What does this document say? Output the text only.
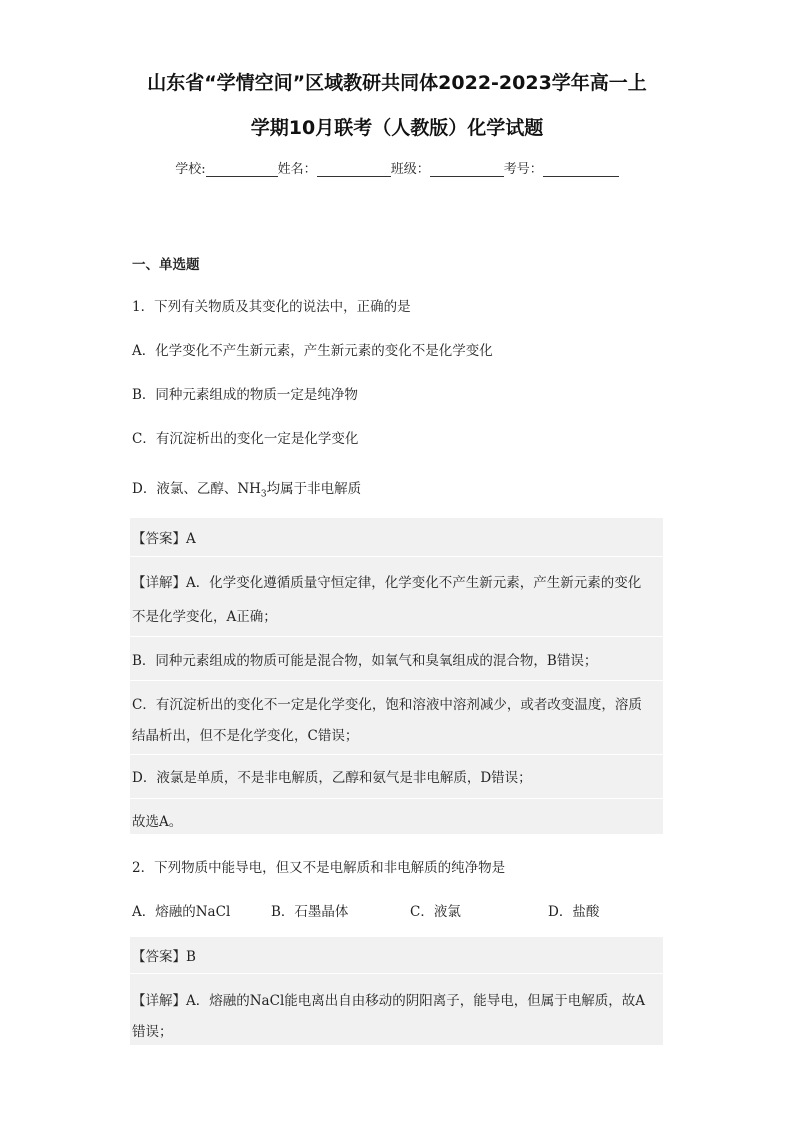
山东省“学情空间”区域教研共同体2022-2023学年高一上
学期10月联考（人教版）化学试题
学校:	姓名：	班级：	考号：
一、单选题
1．下列有关物质及其变化的说法中，正确的是
A．化学变化不产生新元素，产生新元素的变化不是化学变化
B．同种元素组成的物质一定是纯净物
C．有沉淀析出的变化一定是化学变化
D．液氯、乙醇、$NH_3$均属于非电解质
【答案】A
【详解】A．化学变化遵循质量守恒定律，化学变化不产生新元素，产生新元素的变化
不是化学变化，A正确；
B．同种元素组成的物质可能是混合物，如氧气和臭氧组成的混合物，B错误；
C．有沉淀析出的变化不一定是化学变化，饱和溶液中溶剂减少，或者改变温度，溶质
结晶析出，但不是化学变化，C错误；
D．液氯是单质，不是非电解质，乙醇和氨气是非电解质，D错误；
故选A。
2．下列物质中能导电，但又不是电解质和非电解质的纯净物是
A．熔融的NaCl	B．石墨晶体	C．液氯	D．盐酸
【答案】B
【详解】A．熔融的NaCl能电离出自由移动的阴阳离子，能导电，但属于电解质，故A
错误；
